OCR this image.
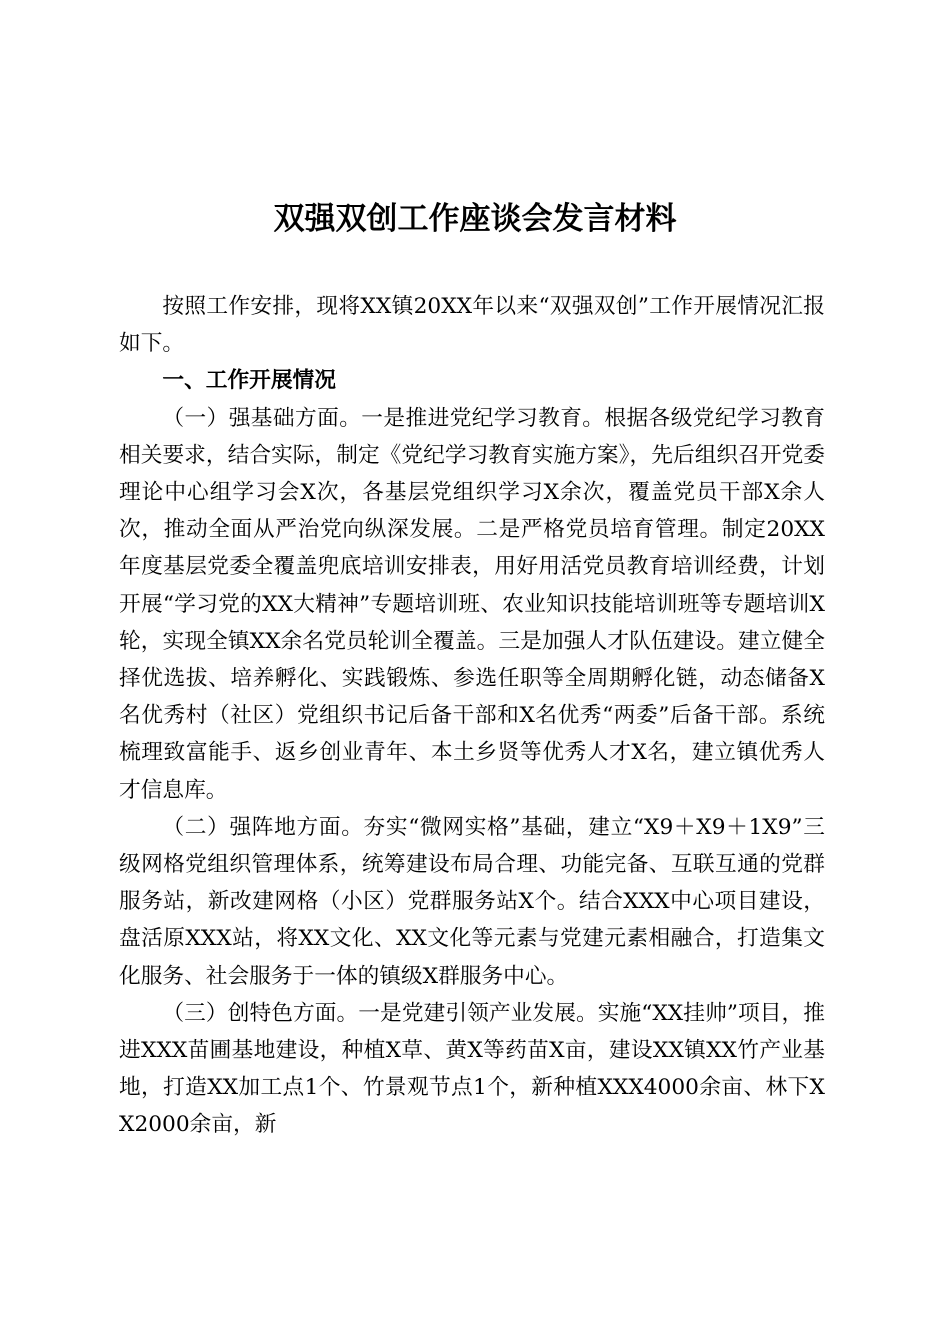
双强双创工作座谈会发言材料

按照工作安排，现将XX镇20XX年以来“双强双创”工作开展情况汇报如下。

一、工作开展情况

（一）强基础方面。一是推进党纪学习教育。根据各级党纪学习教育相关要求，结合实际，制定《党纪学习教育实施方案》，先后组织召开党委理论中心组学习会X次，各基层党组织学习X余次，覆盖党员干部X余人次，推动全面从严治党向纵深发展。二是严格党员培育管理。制定20XX年度基层党委全覆盖兜底培训安排表，用好用活党员教育培训经费，计划开展“学习党的XX大精神”专题培训班、农业知识技能培训班等专题培训X轮，实现全镇XX余名党员轮训全覆盖。三是加强人才队伍建设。建立健全择优选拔、培养孵化、实践锻炼、参选任职等全周期孵化链，动态储备X名优秀村（社区）党组织书记后备干部和X名优秀“两委”后备干部。系统梳理致富能手、返乡创业青年、本土乡贤等优秀人才X名，建立镇优秀人才信息库。

（二）强阵地方面。夯实“微网实格”基础，建立“X9＋X9＋1X9”三级网格党组织管理体系，统筹建设布局合理、功能完备、互联互通的党群服务站，新改建网格（小区）党群服务站X个。结合XXX中心项目建设，盘活原XXX站，将XX文化、XX文化等元素与党建元素相融合，打造集文化服务、社会服务于一体的镇级X群服务中心。

（三）创特色方面。一是党建引领产业发展。实施“XX挂帅”项目，推进XXX苗圃基地建设，种植X草、黄X等药苗X亩，建设XX镇XX竹产业基地，打造XX加工点1个、竹景观节点1个，新种植XXX4000余亩、林下XX2000余亩，新
